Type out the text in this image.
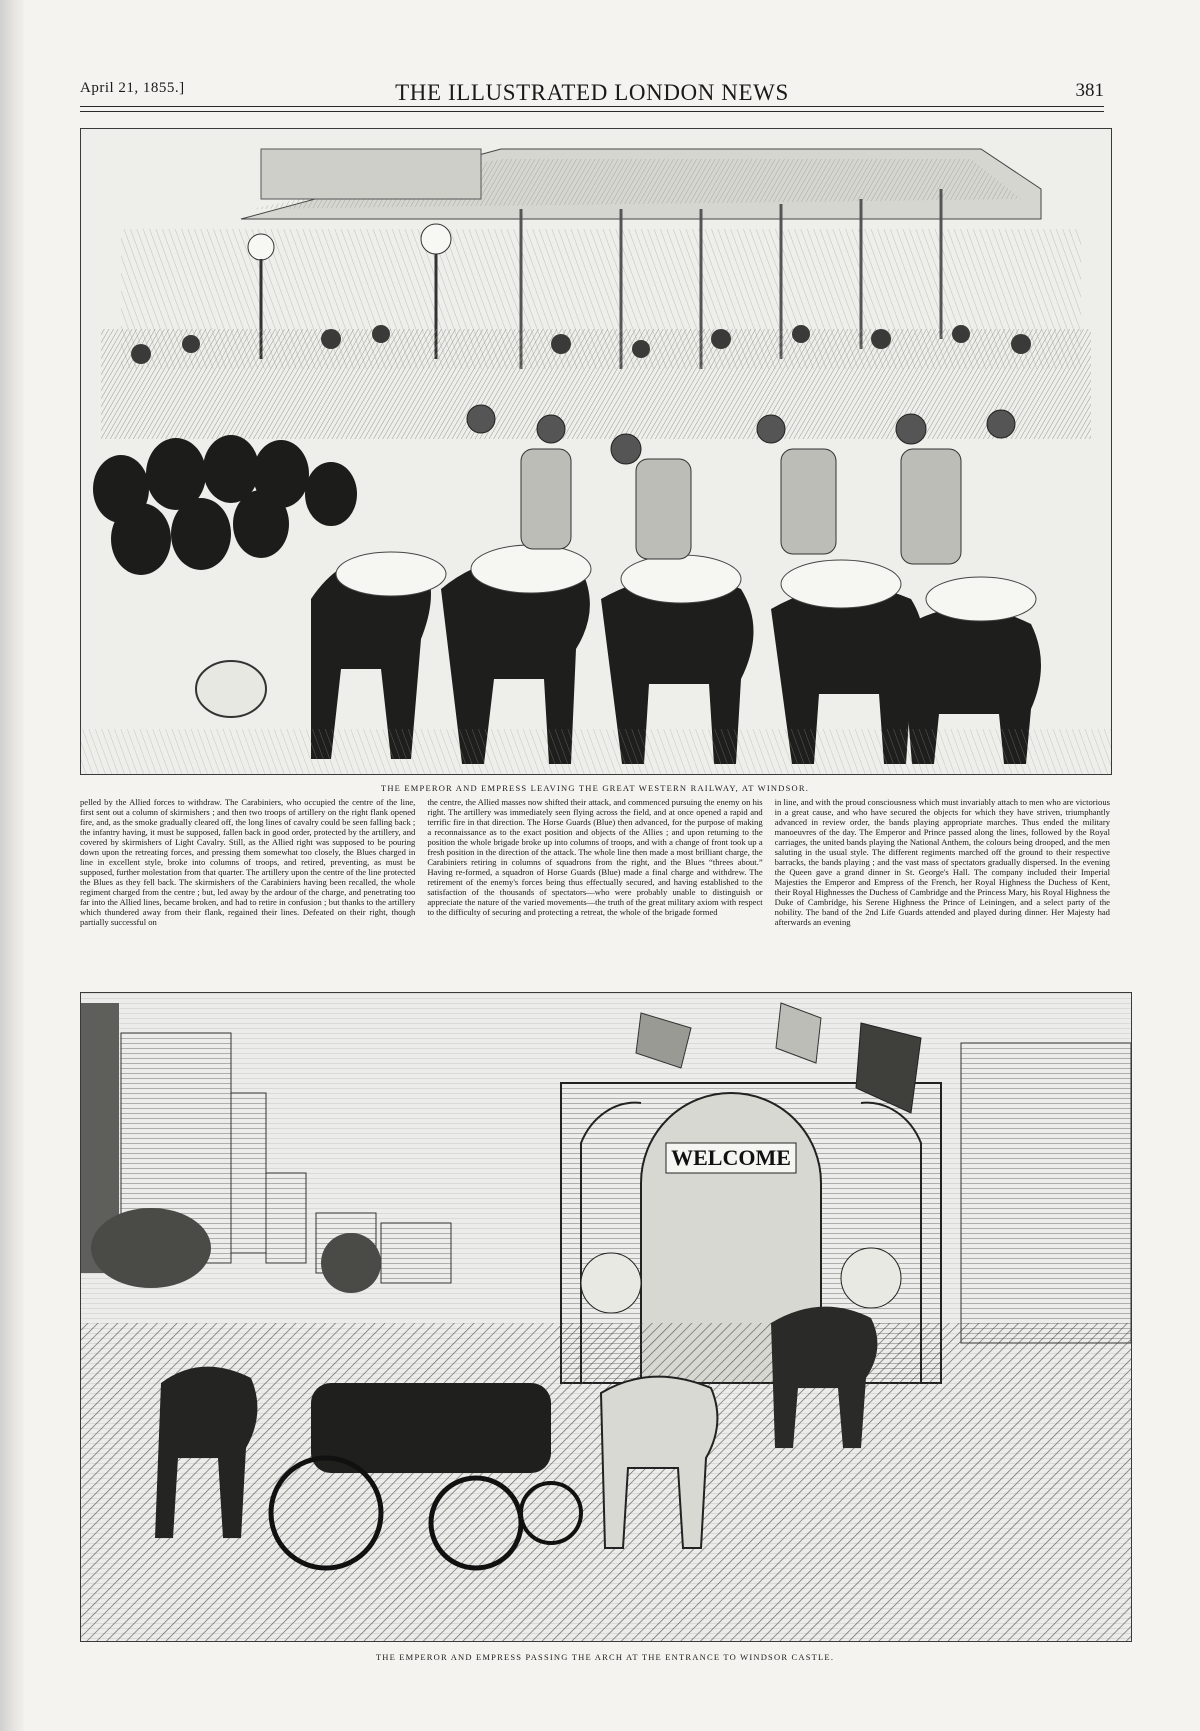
April 21, 1855.]	THE ILLUSTRATED LONDON NEWS	381
THE EMPEROR AND EMPRESS LEAVING THE GREAT WESTERN RAILWAY, AT WINDSOR.
pelled by the Allied forces to withdraw. The Carabiniers, who occupied the centre of the line, first sent out a column of skirmishers ; and then two troops of artillery on the right flank opened fire, and, as the smoke gradually cleared off, the long lines of cavalry could be seen falling back ; the infantry having, it must be supposed, fallen back in good order, protected by the artillery, and covered by skirmishers of Light Cavalry. Still, as the Allied right was supposed to be pouring down upon the retreating forces, and pressing them somewhat too closely, the Blues charged in line in excellent style, broke into columns of troops, and retired, preventing, as must be supposed, further molestation from that quarter. The artillery upon the centre of the line protected the Blues as they fell back. The skirmishers of the Carabiniers having been recalled, the whole regiment charged from the centre ; but, led away by the ardour of the charge, and penetrating too far into the Allied lines, became broken, and had to retire in confusion ; but thanks to the artillery which thundered away from their flank, regained their lines. Defeated on their right, though partially successful on
the centre, the Allied masses now shifted their attack, and commenced pursuing the enemy on his right. The artillery was immediately seen flying across the field, and at once opened a rapid and terrific fire in that direction. The Horse Guards (Blue) then advanced, for the purpose of making a reconnaissance as to the exact position and objects of the Allies ; and upon returning to the position the whole brigade broke up into columns of troops, and with a change of front took up a fresh position in the direction of the attack. The whole line then made a most brilliant charge, the Carabiniers retiring in columns of squadrons from the right, and the Blues “threes about.” Having re-formed, a squadron of Horse Guards (Blue) made a final charge and withdrew. The retirement of the enemy's forces being thus effectually secured, and having established to the satisfaction of the thousands of spectators—who were probably unable to distinguish or appreciate the nature of the varied movements—the truth of the great military axiom with respect to the difficulty of securing and protecting a retreat, the whole of the brigade formed
in line, and with the proud consciousness which must invariably attach to men who are victorious in a great cause, and who have secured the objects for which they have striven, triumphantly advanced in review order, the bands playing appropriate marches. Thus ended the military manoeuvres of the day. The Emperor and Prince passed along the lines, followed by the Royal carriages, the united bands playing the National Anthem, the colours being drooped, and the men saluting in the usual style. The different regiments marched off the ground to their respective barracks, the bands playing ; and the vast mass of spectators gradually dispersed. In the evening the Queen gave a grand dinner in St. George's Hall. The company included their Imperial Majesties the Emperor and Empress of the French, her Royal Highness the Duchess of Kent, their Royal Highnesses the Duchess of Cambridge and the Princess Mary, his Royal Highness the Duke of Cambridge, his Serene Highness the Prince of Leiningen, and a select party of the nobility. The band of the 2nd Life Guards attended and played during dinner. Her Majesty had afterwards an evening
WELCOME
THE EMPEROR AND EMPRESS PASSING THE ARCH AT THE ENTRANCE TO WINDSOR CASTLE.
